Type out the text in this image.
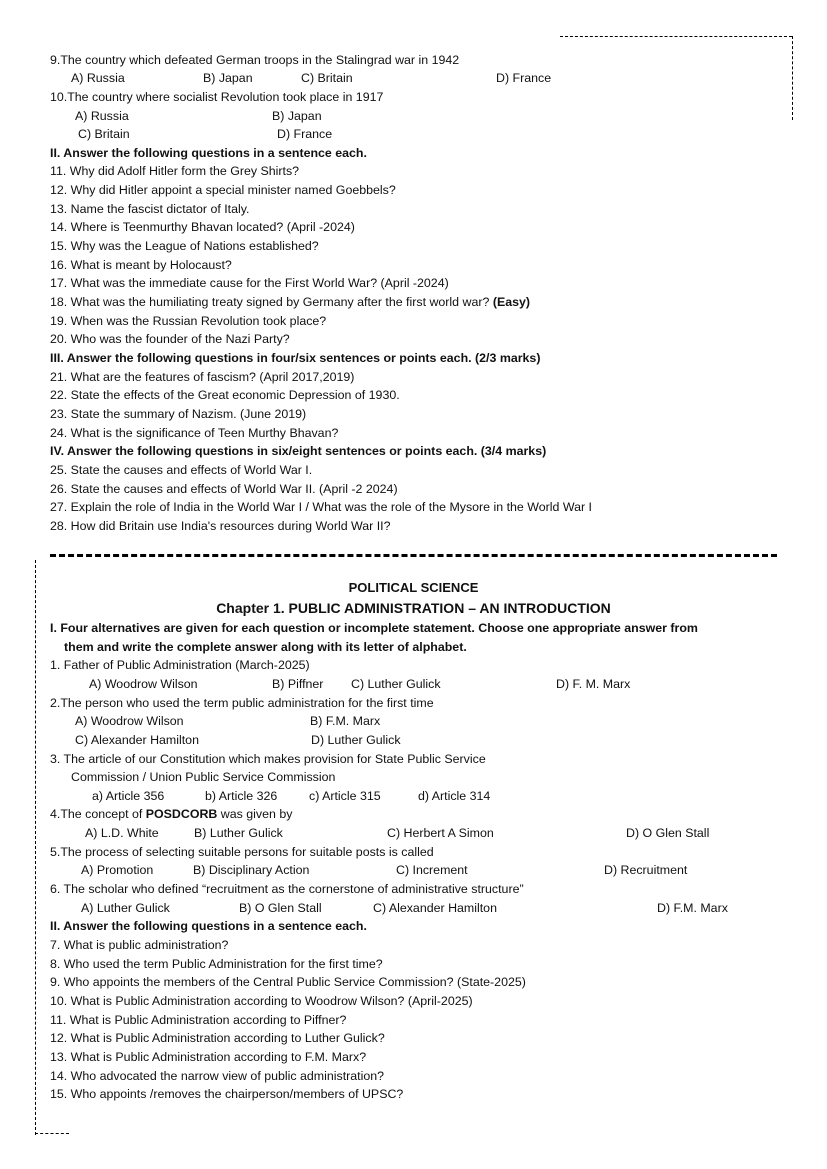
9.The country which defeated German troops in the Stalingrad war in 1942
A) Russia	B) Japan	C) Britain	D) France
10.The country where socialist Revolution took place in 1917
A) Russia	B) Japan
C) Britain	D) France
II. Answer the following questions in a sentence each.
11. Why did Adolf Hitler form the Grey Shirts?
12. Why did Hitler appoint a special minister named Goebbels?
13. Name the fascist dictator of Italy.
14. Where is Teenmurthy Bhavan located? (April -2024)
15. Why was the League of Nations established?
16. What is meant by Holocaust?
17. What was the immediate cause for the First World War? (April -2024)
18. What was the humiliating treaty signed by Germany after the first world war? (Easy)
19. When was the Russian Revolution took place?
20. Who was the founder of the Nazi Party?
III. Answer the following questions in four/six sentences or points each. (2/3 marks)
21. What are the features of fascism? (April 2017,2019)
22. State the effects of the Great economic Depression of 1930.
23. State the summary of Nazism. (June 2019)
24. What is the significance of Teen Murthy Bhavan?
IV. Answer the following questions in six/eight sentences or points each. (3/4 marks)
25. State the causes and effects of World War I.
26. State the causes and effects of World War II. (April -2 2024)
27. Explain the role of India in the World War I / What was the role of the Mysore in the World War I
28. How did Britain use India's resources during World War II?
POLITICAL SCIENCE
Chapter 1. PUBLIC ADMINISTRATION – AN INTRODUCTION
I. Four alternatives are given for each question or incomplete statement. Choose one appropriate answer from
them and write the complete answer along with its letter of alphabet.
1. Father of Public Administration (March-2025)
A) Woodrow Wilson	B) Piffner C) Luther Gulick	D) F. M. Marx
2.The person who used the term public administration for the first time
A) Woodrow Wilson	B) F.M. Marx
C) Alexander Hamilton	D) Luther Gulick
3. The article of our Constitution which makes provision for State Public Service
Commission / Union Public Service Commission
a) Article 356	b) Article 326	c) Article 315	d) Article 314
4.The concept of POSDCORB was given by
A) L.D. White	B) Luther Gulick	C) Herbert A Simon	D) O Glen Stall
5.The process of selecting suitable persons for suitable posts is called
A) Promotion	B) Disciplinary Action	C) Increment	D) Recruitment
6. The scholar who defined “recruitment as the cornerstone of administrative structure”
A) Luther Gulick	B) O Glen Stall	C) Alexander Hamilton	D) F.M. Marx
II. Answer the following questions in a sentence each.
7. What is public administration?
8. Who used the term Public Administration for the first time?
9. Who appoints the members of the Central Public Service Commission? (State-2025)
10. What is Public Administration according to Woodrow Wilson? (April-2025)
11. What is Public Administration according to Piffner?
12. What is Public Administration according to Luther Gulick?
13. What is Public Administration according to F.M. Marx?
14. Who advocated the narrow view of public administration?
15. Who appoints /removes the chairperson/members of UPSC?
